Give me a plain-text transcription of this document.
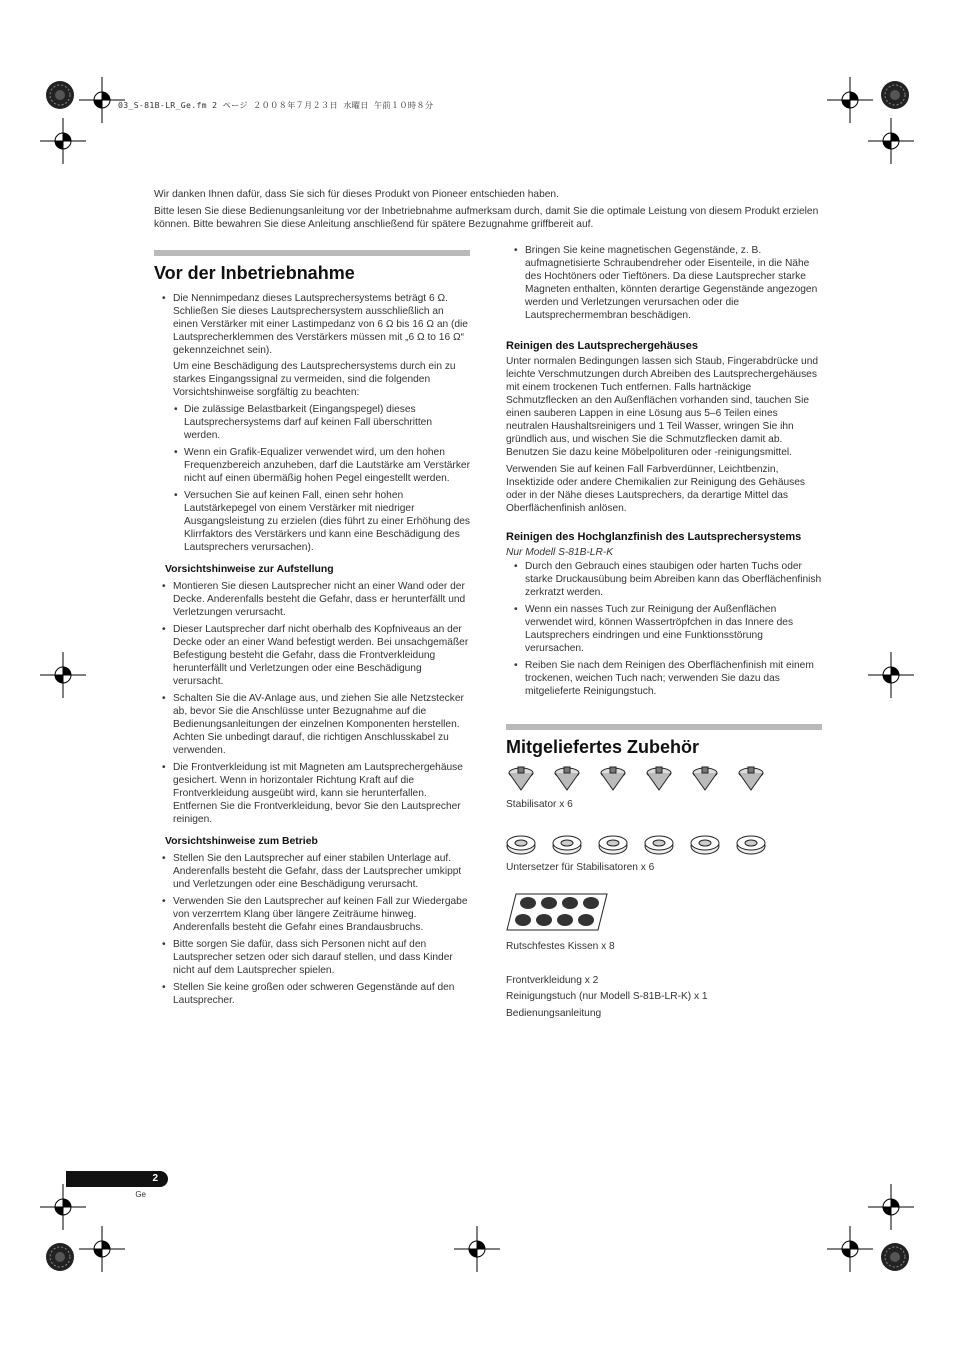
03_S-81B-LR_Ge.fm 2 ページ ２００８年７月２３日 水曜日 午前１０時８分

Wir danken Ihnen dafür, dass Sie sich für dieses Produkt von Pioneer entschieden haben.

Bitte lesen Sie diese Bedienungsanleitung vor der Inbetriebnahme aufmerksam durch, damit Sie die optimale Leistung von diesem Produkt erzielen können. Bitte bewahren Sie diese Anleitung anschließend für spätere Bezugnahme griffbereit auf.

Vor der Inbetriebnahme
• Die Nennimpedanz dieses Lautsprechersystems beträgt 6 Ω. Schließen Sie dieses Lautsprechersystem ausschließlich an einen Verstärker mit einer Lastimpedanz von 6 Ω bis 16 Ω an (die Lautsprecherklemmen des Verstärkers müssen mit „6 Ω to 16 Ω“ gekennzeichnet sein).

Um eine Beschädigung des Lautsprechersystems durch ein zu starkes Eingangssignal zu vermeiden, sind die folgenden Vorsichtshinweise sorgfältig zu beachten:

• Die zulässige Belastbarkeit (Eingangspegel) dieses Lautsprechersystems darf auf keinen Fall überschritten werden.
• Wenn ein Grafik-Equalizer verwendet wird, um den hohen Frequenzbereich anzuheben, darf die Lautstärke am Verstärker nicht auf einen übermäßig hohen Pegel eingestellt werden.
• Versuchen Sie auf keinen Fall, einen sehr hohen Lautstärkepegel von einem Verstärker mit niedriger Ausgangsleistung zu erzielen (dies führt zu einer Erhöhung des Klirrfaktors des Verstärkers und kann eine Beschädigung des Lautsprechers verursachen).
Vorsichtshinweise zur Aufstellung
• Montieren Sie diesen Lautsprecher nicht an einer Wand oder der Decke. Anderenfalls besteht die Gefahr, dass er herunterfällt und Verletzungen verursacht.
• Dieser Lautsprecher darf nicht oberhalb des Kopfniveaus an der Decke oder an einer Wand befestigt werden. Bei unsachgemäßer Befestigung besteht die Gefahr, dass die Frontverkleidung herunterfällt und Verletzungen oder eine Beschädigung verursacht.
• Schalten Sie die AV-Anlage aus, und ziehen Sie alle Netzstecker ab, bevor Sie die Anschlüsse unter Bezugnahme auf die Bedienungsanleitungen der einzelnen Komponenten herstellen. Achten Sie unbedingt darauf, die richtigen Anschlusskabel zu verwenden.
• Die Frontverkleidung ist mit Magneten am Lautsprechergehäuse gesichert. Wenn in horizontaler Richtung Kraft auf die Frontverkleidung ausgeübt wird, kann sie herunterfallen. Entfernen Sie die Frontverkleidung, bevor Sie den Lautsprecher reinigen.
Vorsichtshinweise zum Betrieb
• Stellen Sie den Lautsprecher auf einer stabilen Unterlage auf. Anderenfalls besteht die Gefahr, dass der Lautsprecher umkippt und Verletzungen oder eine Beschädigung verursacht.
• Verwenden Sie den Lautsprecher auf keinen Fall zur Wiedergabe von verzerrtem Klang über längere Zeiträume hinweg. Anderenfalls besteht die Gefahr eines Brandausbruchs.
• Bitte sorgen Sie dafür, dass sich Personen nicht auf den Lautsprecher setzen oder sich darauf stellen, und dass Kinder nicht auf dem Lautsprecher spielen.
• Stellen Sie keine großen oder schweren Gegenstände auf den Lautsprecher.
• Bringen Sie keine magnetischen Gegenstände, z. B. aufmagnetisierte Schraubendreher oder Eisenteile, in die Nähe des Hochtöners oder Tieftöners. Da diese Lautsprecher starke Magneten enthalten, könnten derartige Gegenstände angezogen werden und Verletzungen verursachen oder die Lautsprechermembran beschädigen.
Reinigen des Lautsprechergehäuses

Unter normalen Bedingungen lassen sich Staub, Fingerabdrücke und leichte Verschmutzungen durch Abreiben des Lautsprechergehäuses mit einem trockenen Tuch entfernen. Falls hartnäckige Schmutzflecken an den Außenflächen vorhanden sind, tauchen Sie einen sauberen Lappen in eine Lösung aus 5–6 Teilen eines neutralen Haushaltsreinigers und 1 Teil Wasser, wringen Sie ihn gründlich aus, und wischen Sie die Schmutzflecken damit ab. Benutzen Sie dazu keine Möbelpolituren oder -reinigungsmittel.

Verwenden Sie auf keinen Fall Farbverdünner, Leichtbenzin, Insektizide oder andere Chemikalien zur Reinigung des Gehäuses oder in der Nähe dieses Lautsprechers, da derartige Mittel das Oberflächenfinish anlösen.

Reinigen des Hochglanzfinish des Lautsprechersystems

Nur Modell S-81B-LR-K

• Durch den Gebrauch eines staubigen oder harten Tuchs oder starke Druckausübung beim Abreiben kann das Oberflächenfinish zerkratzt werden.
• Wenn ein nasses Tuch zur Reinigung der Außenflächen verwendet wird, können Wassertröpfchen in das Innere des Lautsprechers eindringen und eine Funktionsstörung verursachen.
• Reiben Sie nach dem Reinigen des Oberflächenfinish mit einem trockenen, weichen Tuch nach; verwenden Sie dazu das mitgelieferte Reinigungstuch.
Mitgeliefertes Zubehör

Stabilisator x 6

Untersetzer für Stabilisatoren x 6

Rutschfestes Kissen x 8

Frontverkleidung x 2

Reinigungstuch (nur Modell S-81B-LR-K) x 1

Bedienungsanleitung

2
Ge
